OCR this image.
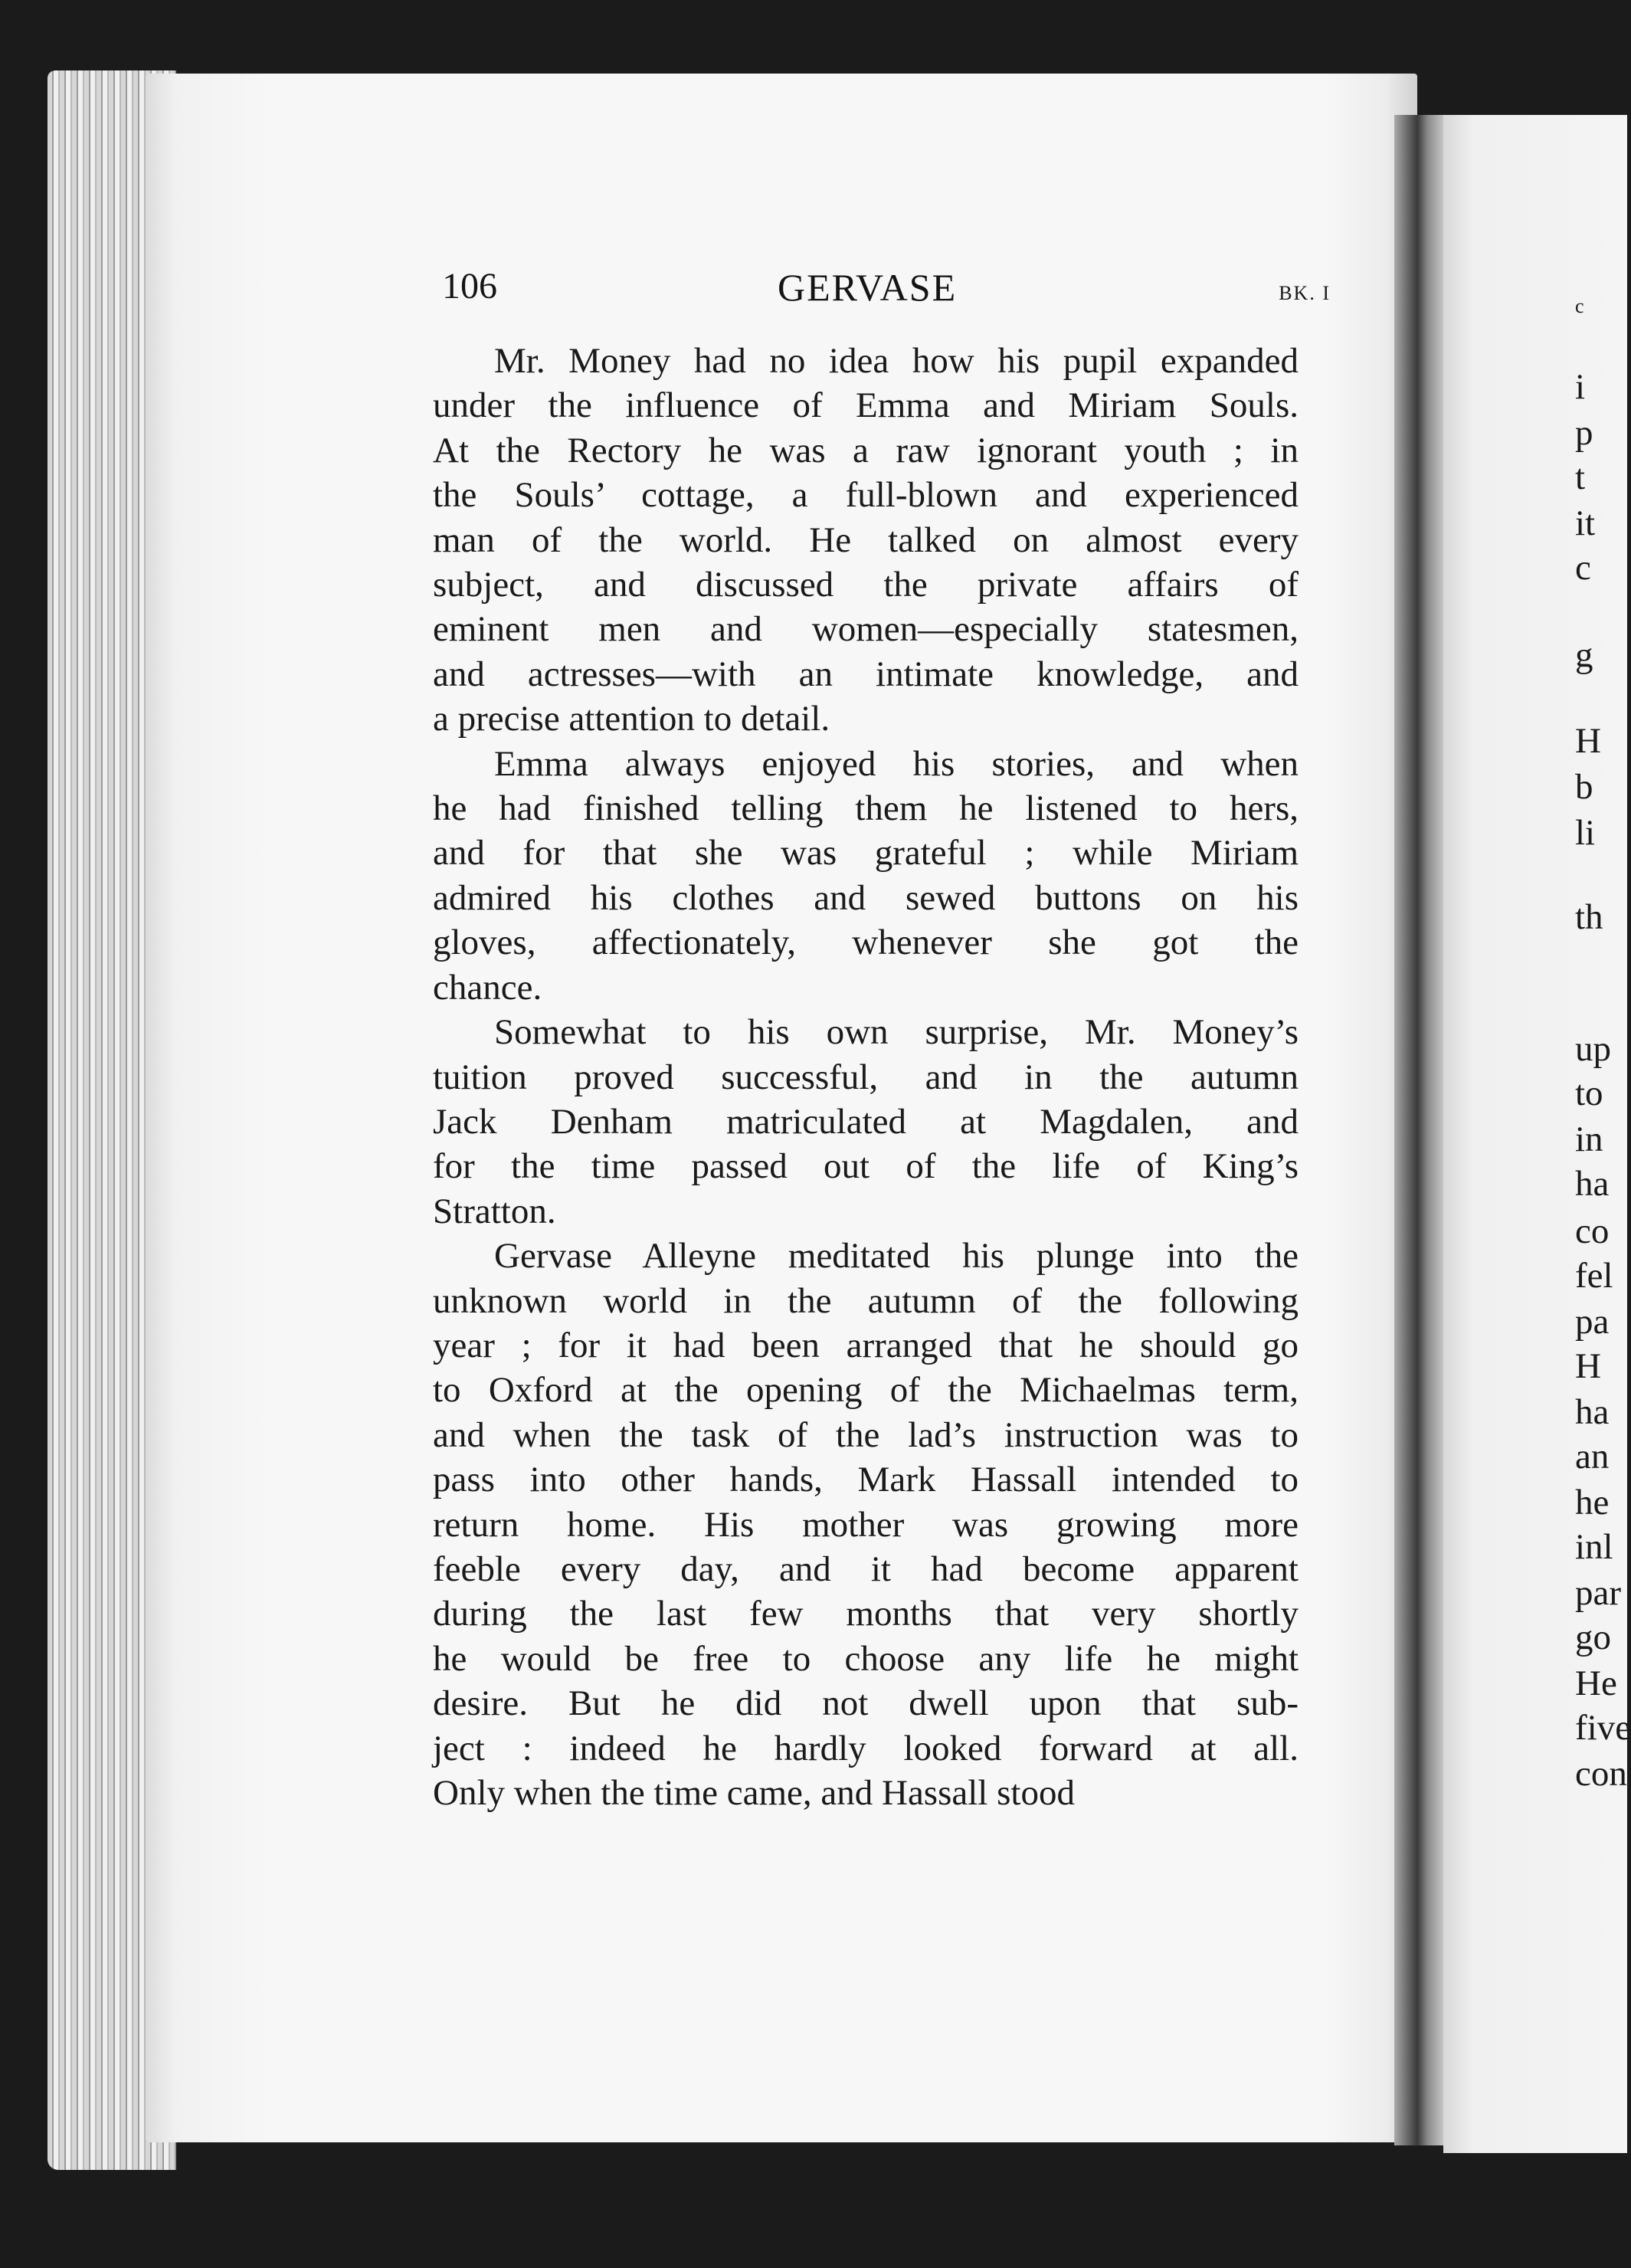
106	GERVASE	BK. I
Mr. Money had no idea how his pupil expanded
under the influence of Emma and Miriam Souls.
At the Rectory he was a raw ignorant youth ; in
the Souls’ cottage, a full-blown and experienced
man of the world. He talked on almost every
subject, and discussed the private affairs of
eminent men and women—especially statesmen,
and actresses—with an intimate knowledge, and
a precise attention to detail.
Emma always enjoyed his stories, and when
he had finished telling them he listened to hers,
and for that she was grateful ; while Miriam
admired his clothes and sewed buttons on his
gloves, affectionately, whenever she got the
chance.
Somewhat to his own surprise, Mr. Money’s
tuition proved successful, and in the autumn
Jack Denham matriculated at Magdalen, and
for the time passed out of the life of King’s
Stratton.
Gervase Alleyne meditated his plunge into the
unknown world in the autumn of the following
year ; for it had been arranged that he should go
to Oxford at the opening of the Michaelmas term,
and when the task of the lad’s instruction was to
pass into other hands, Mark Hassall intended to
return home. His mother was growing more
feeble every day, and it had become apparent
during the last few months that very shortly
he would be free to choose any life he might
desire. But he did not dwell upon that sub-
ject : indeed he hardly looked forward at all.
Only when the time came, and Hassall stood
c
i
p
t
it
c
g
H
b
li
th
up
to
in
ha
co
fel
pa
H
ha
an
he
inl
par
go
He
five
con
